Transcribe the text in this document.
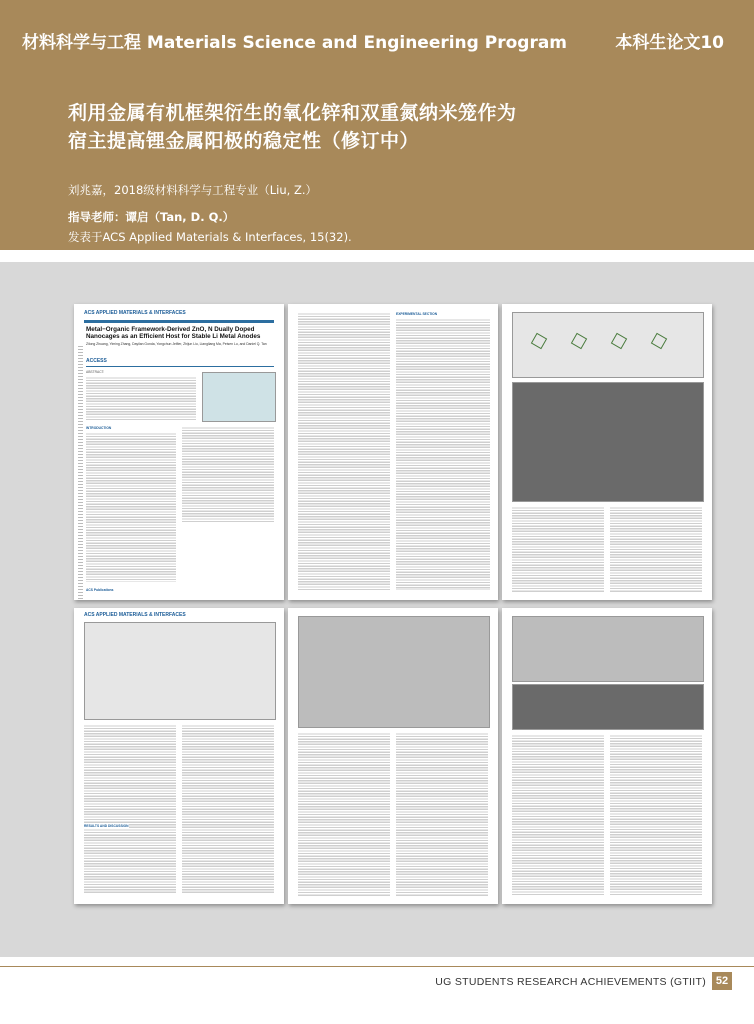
材料科学与工程 Materials Science and Engineering Program	本科生论文10
利用金属有机框架衍生的氧化锌和双重氮纳米笼作为
宿主提高锂金属阳极的稳定性（修订中）
刘兆嘉，2018级材料科学与工程专业（Liu, Z.）
指导老师：谭启（Tan, D. Q.）
发表于ACS Applied Materials & Interfaces, 15(32).
ACS APPLIED MATERIALS & INTERFACES
Metal−Organic Framework-Derived ZnO, N Dually Doped Nanocages as an Efficient Host for Stable Li Metal Anodes
Zilong Zhuang, Yiming Zhang, Dayilan Gonda, Yongchun Jelfier, Zhijun Liu, Liangliang Ma, Peisen Lu, and Daniel Q. Tan
ACCESS
ABSTRACT:
INTRODUCTION
ACS Publications
EXPERIMENTAL SECTION
ACS APPLIED MATERIALS & INTERFACES
RESULTS AND DISCUSSION
UG STUDENTS RESEARCH ACHIEVEMENTS (GTIIT) 52
